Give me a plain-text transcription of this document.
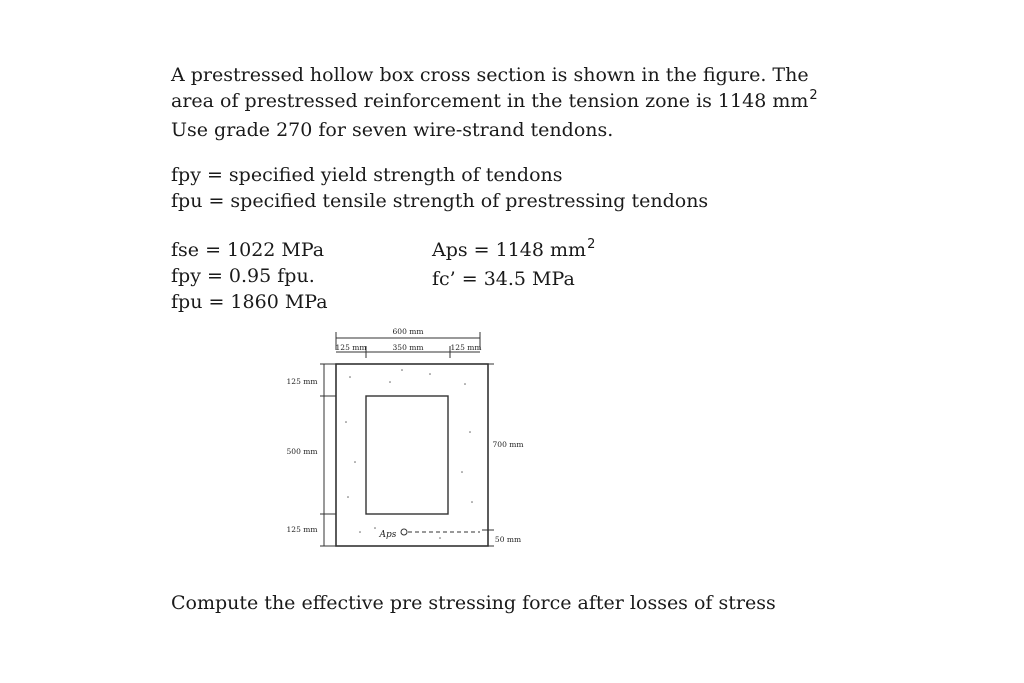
A prestressed hollow box cross section is shown in the figure. The
area of prestressed reinforcement in the tension zone is 1148 $mm^2$
Use grade 270 for seven wire-strand tendons.
fpy = specified yield strength of tendons
fpu = specified tensile strength of prestressing tendons
fse = 1022 MPa
fpy = 0.95 fpu.
fpu = 1860 MPa
Aps = 1148 $mm^2$
fc’ = 34.5 MPa
600 mm
125 mm	350 mm	125 mm
125 mm
500 mm
125 mm
700 mm
50 mm
Aps
Compute the effective pre stressing force after losses of stress
